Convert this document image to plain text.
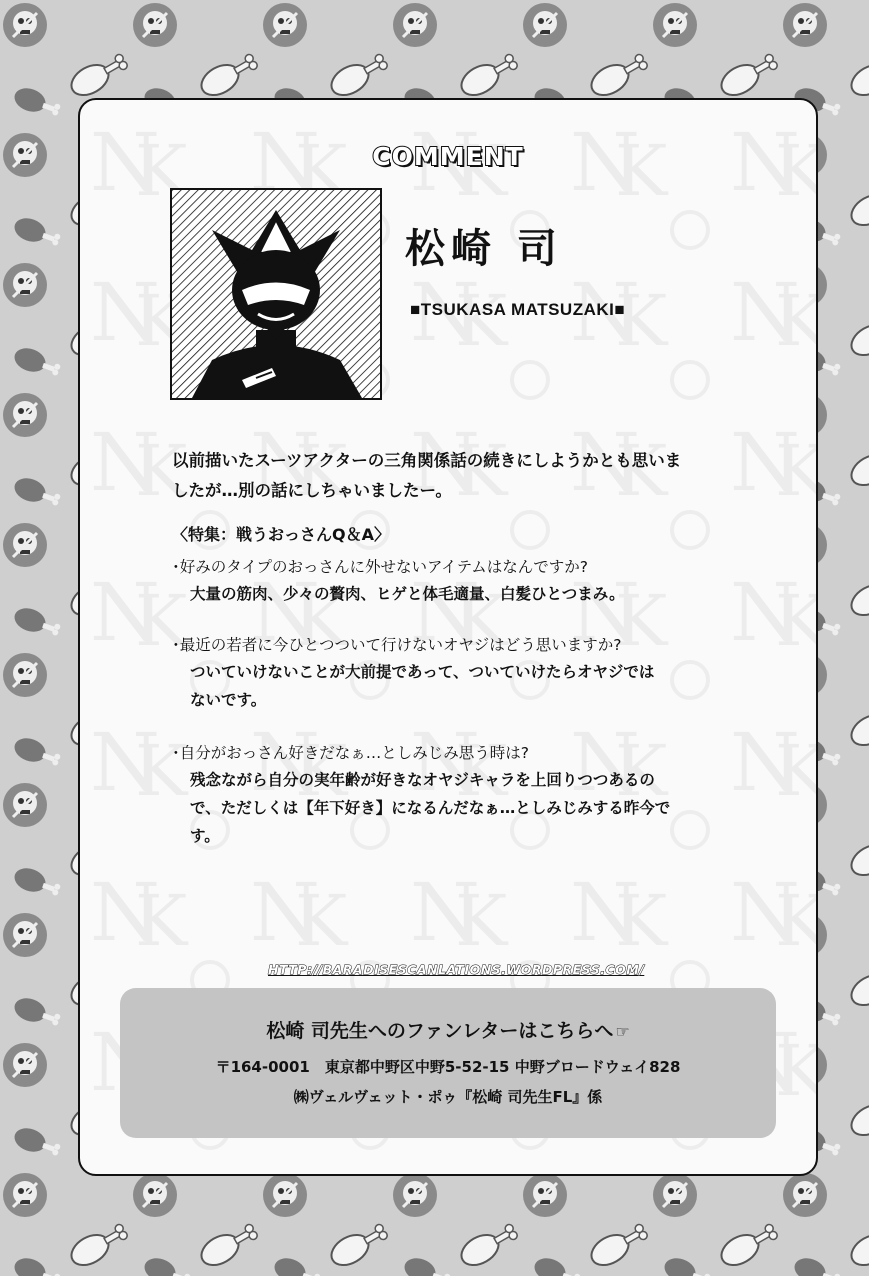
COMMENT
松崎 司
■TSUKASA MATSUZAKI■
以前描いたスーツアクターの三角関係話の続きにしようかとも思いま
したが…別の話にしちゃいましたー。
〈特集：戦うおっさんQ＆A〉
･好みのタイプのおっさんに外せないアイテムはなんですか?
大量の筋肉、少々の贅肉、ヒゲと体毛適量、白髪ひとつまみ。
･最近の若者に今ひとつついて行けないオヤジはどう思いますか?
ついていけないことが大前提であって、ついていけたらオヤジでは
ないです。
･自分がおっさん好きだなぁ…としみじみ思う時は?
残念ながら自分の実年齢が好きなオヤジキャラを上回りつつあるの
で、ただしくは【年下好き】になるんだなぁ…としみじみする昨今で
す。
HTTP://BARADISESCANLATIONS.WORDPRESS.COM/
松崎 司先生へのファンレターはこちらへ ☞
〒164-0001　東京都中野区中野5-52-15 中野ブロードウェイ828
㈱ヴェルヴェット・ポゥ『松崎 司先生FL』係
